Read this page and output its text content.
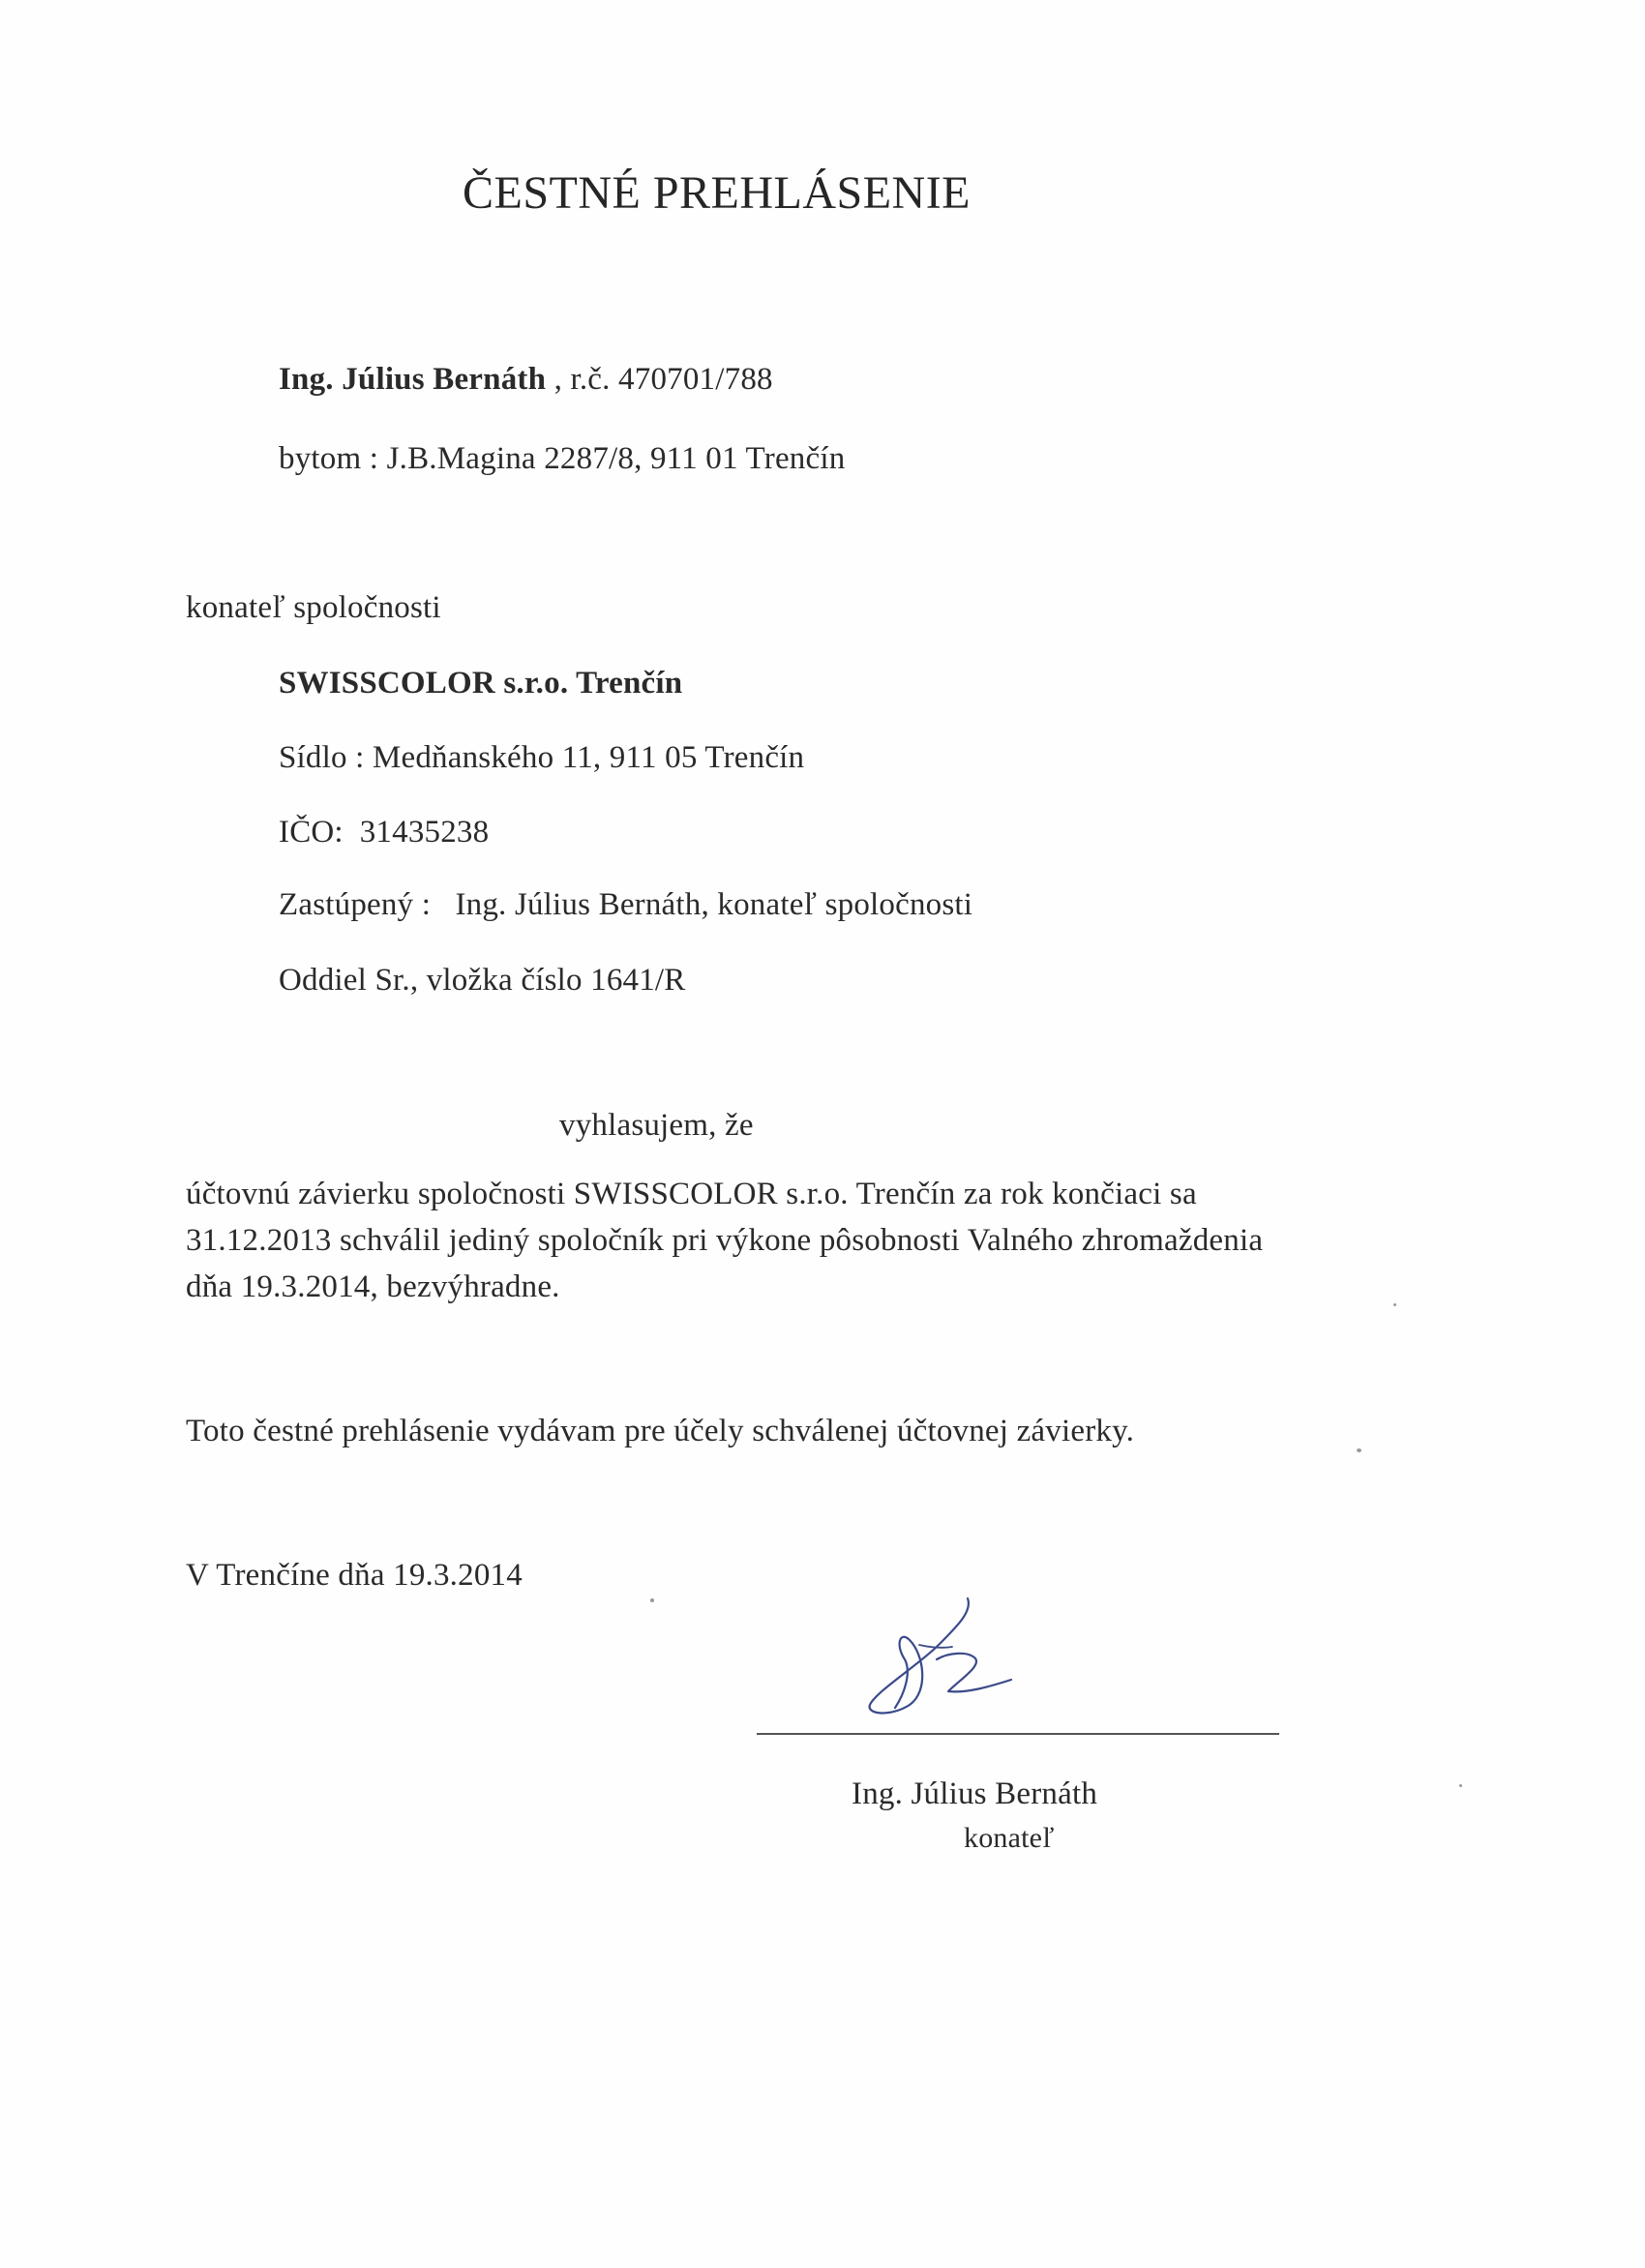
ČESTNÉ PREHLÁSENIE
Ing. Július Bernáth , r.č. 470701/788
bytom : J.B.Magina 2287/8, 911 01 Trenčín
konateľ spoločnosti
SWISSCOLOR s.r.o. Trenčín
Sídlo : Medňanského 11, 911 05 Trenčín
IČO: 31435238
Zastúpený : Ing. Július Bernáth, konateľ spoločnosti
Oddiel Sr., vložka číslo 1641/R
vyhlasujem, že
účtovnú závierku spoločnosti SWISSCOLOR s.r.o. Trenčín za rok končiaci sa
31.12.2013 schválil jediný spoločník pri výkone pôsobnosti Valného zhromaždenia
dňa 19.3.2014, bezvýhradne.
Toto čestné prehlásenie vydávam pre účely schválenej účtovnej závierky.
V Trenčíne dňa 19.3.2014
Ing. Július Bernáth
konateľ
